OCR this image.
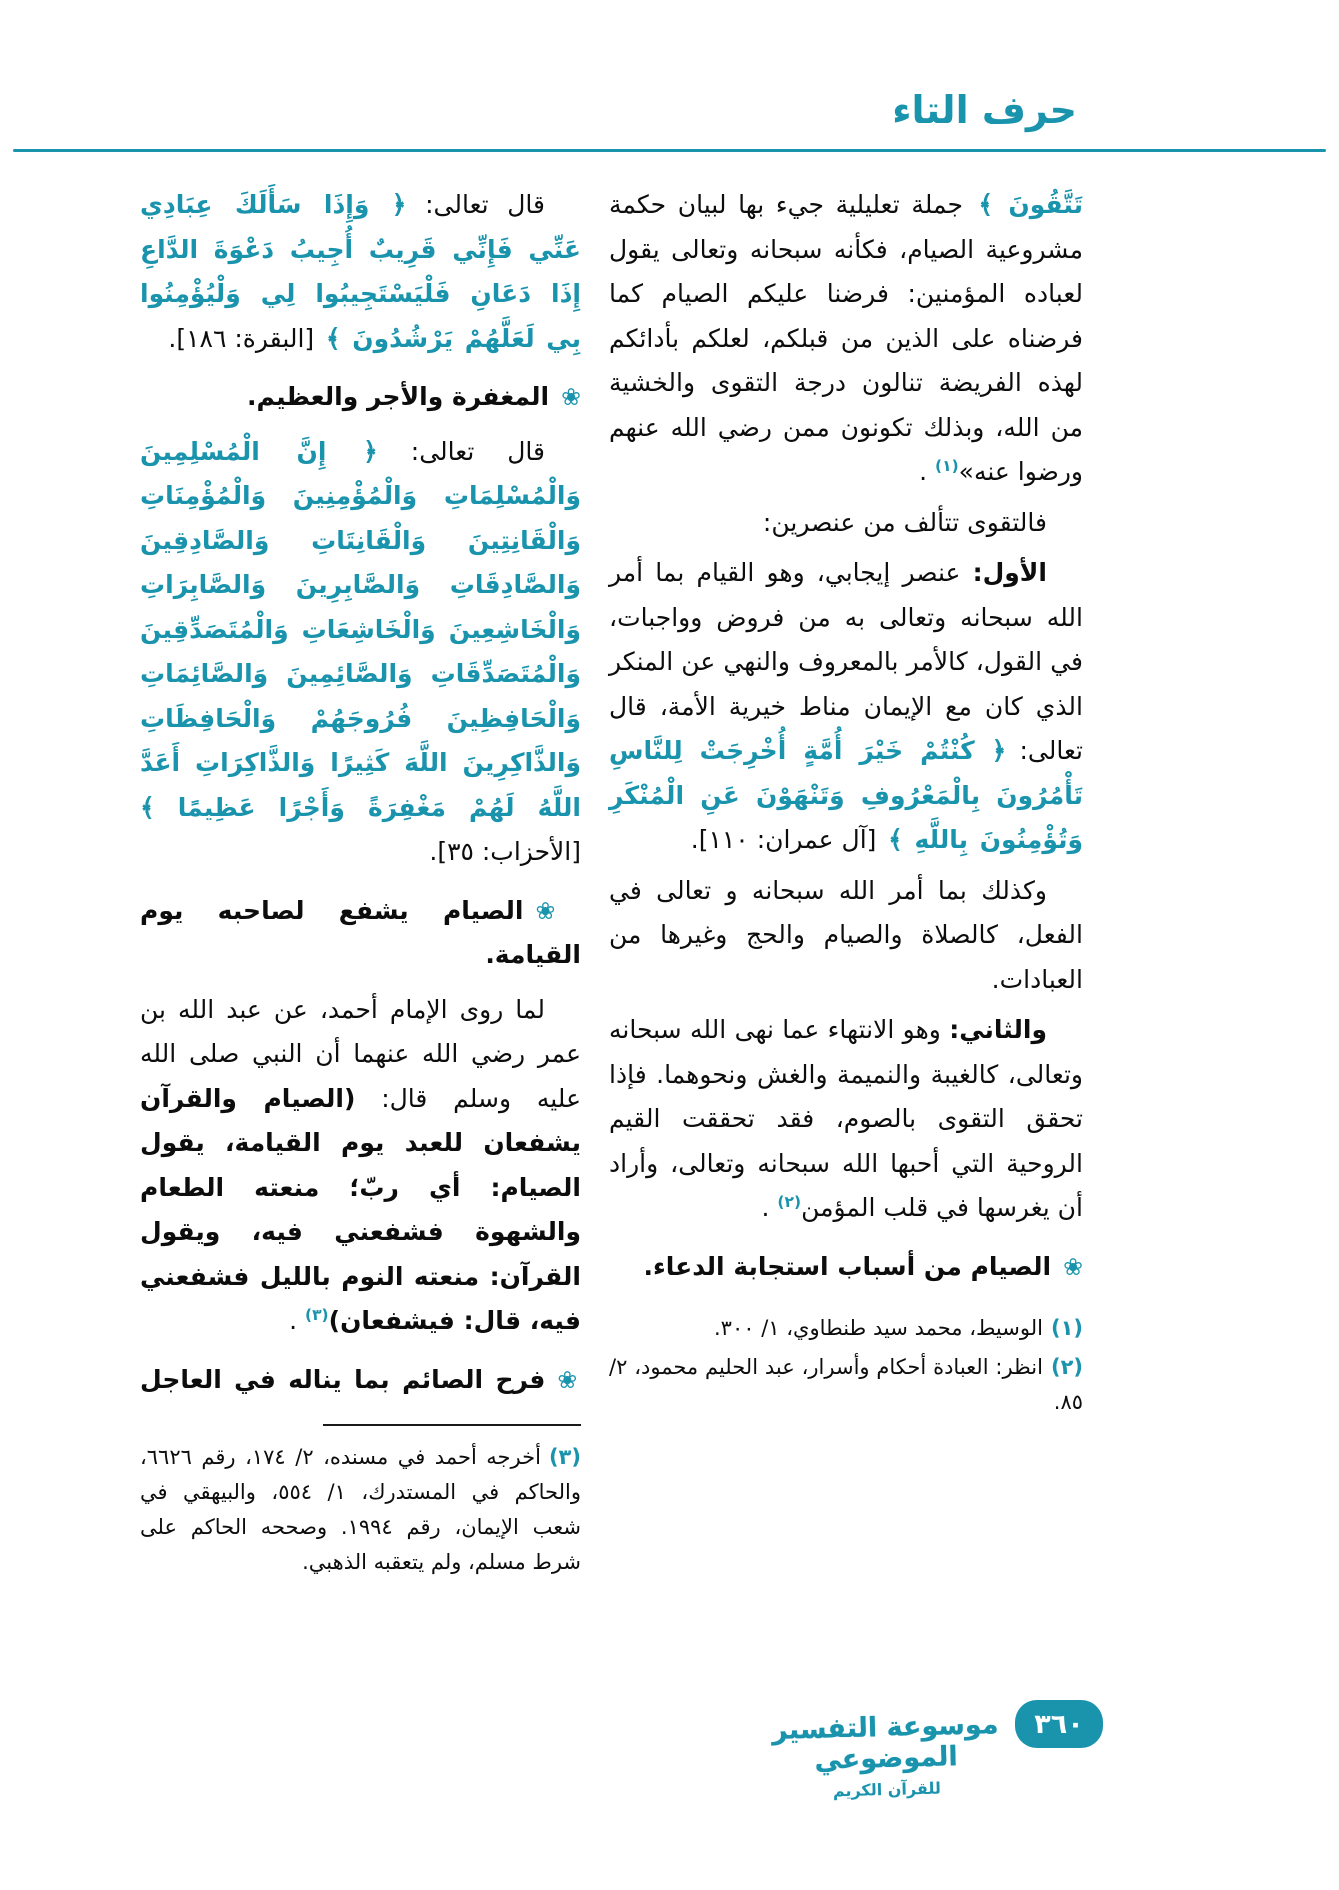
حرف التاء

تَتَّقُونَ ﴾ جملة تعليلية جيء بها لبيان حكمة مشروعية الصيام، فكأنه سبحانه وتعالى يقول لعباده المؤمنين: فرضنا عليكم الصيام كما فرضناه على الذين من قبلكم، لعلكم بأدائكم لهذه الفريضة تنالون درجة التقوى والخشية من الله، وبذلك تكونون ممن رضي الله عنهم ورضوا عنه»$^{(١)}$ .

فالتقوى تتألف من عنصرين:

الأول: عنصر إيجابي، وهو القيام بما أمر الله سبحانه وتعالى به من فروض وواجبات، في القول، كالأمر بالمعروف والنهي عن المنكر الذي كان مع الإيمان مناط خيرية الأمة، قال تعالى: ﴿ كُنْتُمْ خَيْرَ أُمَّةٍ أُخْرِجَتْ لِلنَّاسِ تَأْمُرُونَ بِالْمَعْرُوفِ وَتَنْهَوْنَ عَنِ الْمُنْكَرِ وَتُؤْمِنُونَ بِاللَّهِ ﴾ [آل عمران: ١١٠].

وكذلك بما أمر الله سبحانه و تعالى في الفعل، كالصلاة والصيام والحج وغيرها من العبادات.

والثاني: وهو الانتهاء عما نهى الله سبحانه وتعالى، كالغيبة والنميمة والغش ونحوهما. فإذا تحقق التقوى بالصوم، فقد تحققت القيم الروحية التي أحبها الله سبحانه وتعالى، وأراد أن يغرسها في قلب المؤمن$^{(٢)}$ .

❀الصيام من أسباب استجابة الدعاء.

(١)الوسيط، محمد سيد طنطاوي، ١/ ٣٠٠.
(٢)انظر: العبادة أحكام وأسرار، عبد الحليم محمود، ٢/ ٨٥.

قال تعالى: ﴿ وَإِذَا سَأَلَكَ عِبَادِي عَنِّي فَإِنِّي قَرِيبٌ أُجِيبُ دَعْوَةَ الدَّاعِ إِذَا دَعَانِ فَلْيَسْتَجِيبُوا لِي وَلْيُؤْمِنُوا بِي لَعَلَّهُمْ يَرْشُدُونَ ﴾ [البقرة: ١٨٦].

❀المغفرة والأجر والعظيم.

قال تعالى: ﴿ إِنَّ الْمُسْلِمِينَ وَالْمُسْلِمَاتِ وَالْمُؤْمِنِينَ وَالْمُؤْمِنَاتِ وَالْقَانِتِينَ وَالْقَانِتَاتِ وَالصَّادِقِينَ وَالصَّادِقَاتِ وَالصَّابِرِينَ وَالصَّابِرَاتِ وَالْخَاشِعِينَ وَالْخَاشِعَاتِ وَالْمُتَصَدِّقِينَ وَالْمُتَصَدِّقَاتِ وَالصَّائِمِينَ وَالصَّائِمَاتِ وَالْحَافِظِينَ فُرُوجَهُمْ وَالْحَافِظَاتِ وَالذَّاكِرِينَ اللَّهَ كَثِيرًا وَالذَّاكِرَاتِ أَعَدَّ اللَّهُ لَهُمْ مَغْفِرَةً وَأَجْرًا عَظِيمًا ﴾ [الأحزاب: ٣٥].

❀الصيام يشفع لصاحبه يوم القيامة.

لما روى الإمام أحمد، عن عبد الله بن عمر رضي الله عنهما أن النبي صلى الله عليه وسلم قال: (الصيام والقرآن يشفعان للعبد يوم القيامة، يقول الصيام: أي ربّ؛ منعته الطعام والشهوة فشفعني فيه، ويقول القرآن: منعته النوم بالليل فشفعني فيه، قال: فيشفعان)$^{(٣)}$ .

❀فرح الصائم بما يناله في العاجل

(٣)أخرجه أحمد في مسنده، ٢/ ١٧٤، رقم ٦٦٢٦، والحاكم في المستدرك، ١/ ٥٥٤، والبيهقي في شعب الإيمان، رقم ١٩٩٤. وصححه الحاكم على شرط مسلم، ولم يتعقبه الذهبي.
موسوعة التفسير الموضوعي
للقرآن الكريم
٣٦٠
